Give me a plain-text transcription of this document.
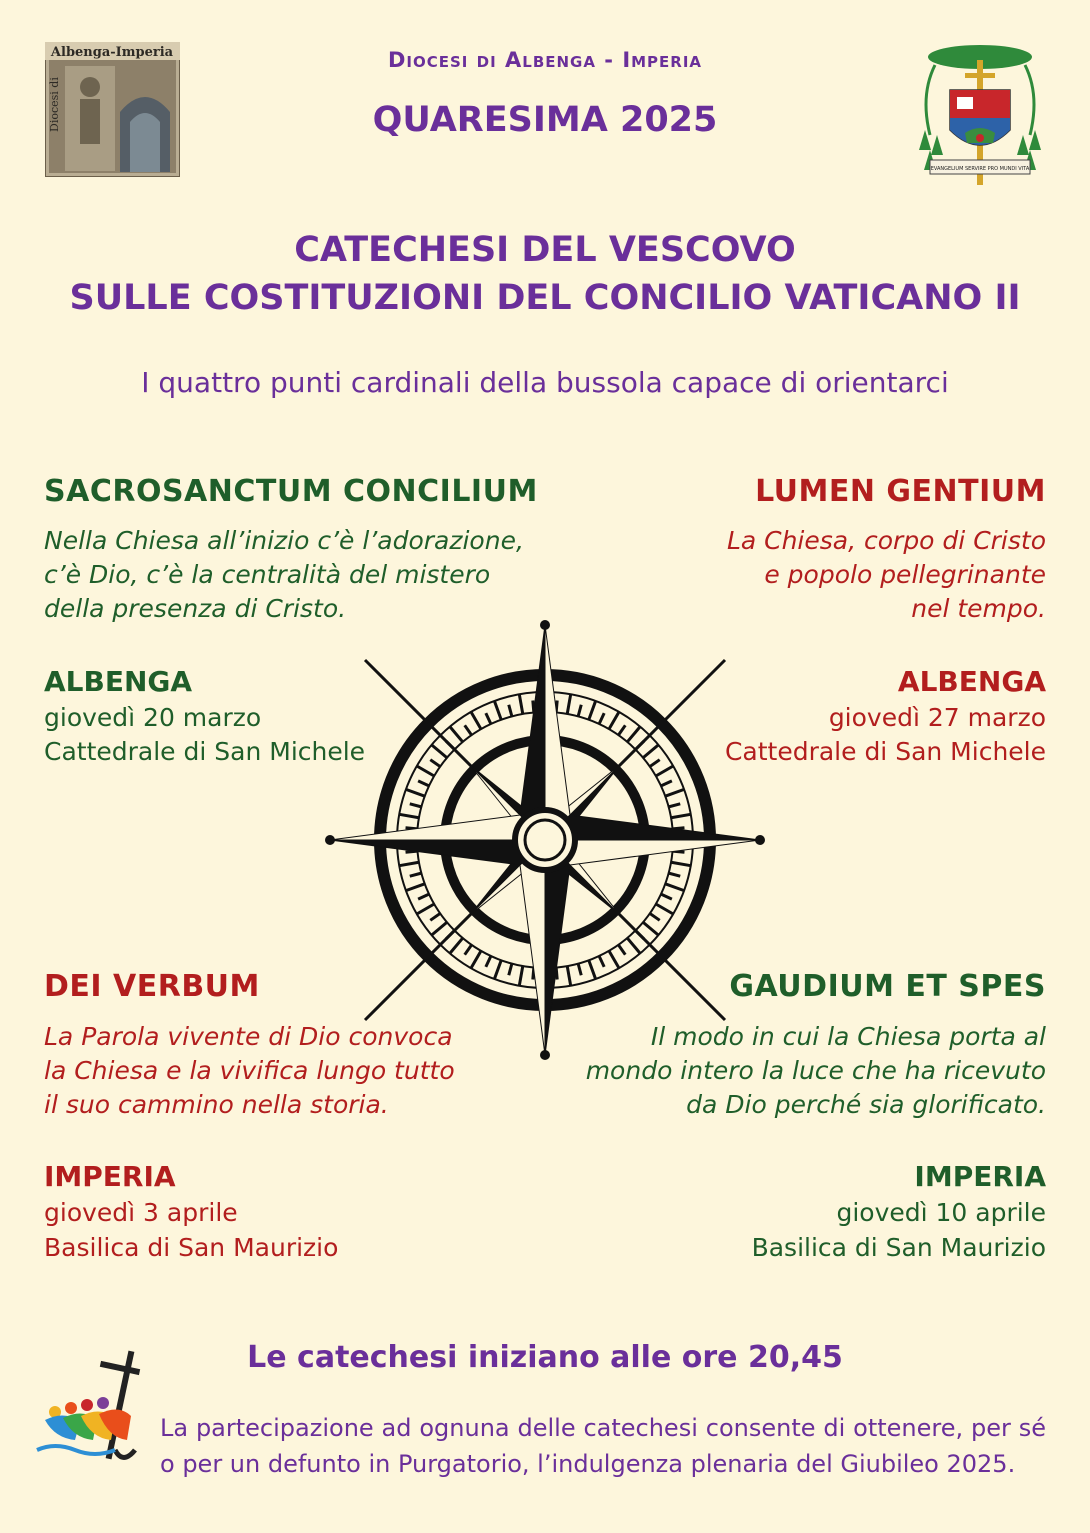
Albenga-Imperia
Diocesi di
Diocesi di Albenga - Imperia
QUARESIMA 2025
EVANGELIUM SERVIRE PRO MUNDI VITA
CATECHESI DEL VESCOVO
SULLE COSTITUZIONI DEL CONCILIO VATICANO II
I quattro punti cardinali della bussola capace di orientarci
SACROSANCTUM CONCILIUM
Nella Chiesa all’inizio c’è l’adorazione,
c’è Dio, c’è la centralità del mistero
della presenza di Cristo.
ALBENGA
giovedì 20 marzo
Cattedrale di San Michele
LUMEN GENTIUM
La Chiesa, corpo di Cristo
e popolo pellegrinante
nel tempo.
ALBENGA
giovedì 27 marzo
Cattedrale di San Michele
DEI VERBUM
La Parola vivente di Dio convoca
la Chiesa e la vivifica lungo tutto
il suo cammino nella storia.
IMPERIA
giovedì 3 aprile
Basilica di San Maurizio
GAUDIUM ET SPES
Il modo in cui la Chiesa porta al
mondo intero la luce che ha ricevuto
da Dio perché sia glorificato.
IMPERIA
giovedì 10 aprile
Basilica di San Maurizio
Le catechesi iniziano alle ore 20,45
La partecipazione ad ognuna delle catechesi consente di ottenere, per sé o per un defunto in Purgatorio, l’indulgenza plenaria del Giubileo 2025.
